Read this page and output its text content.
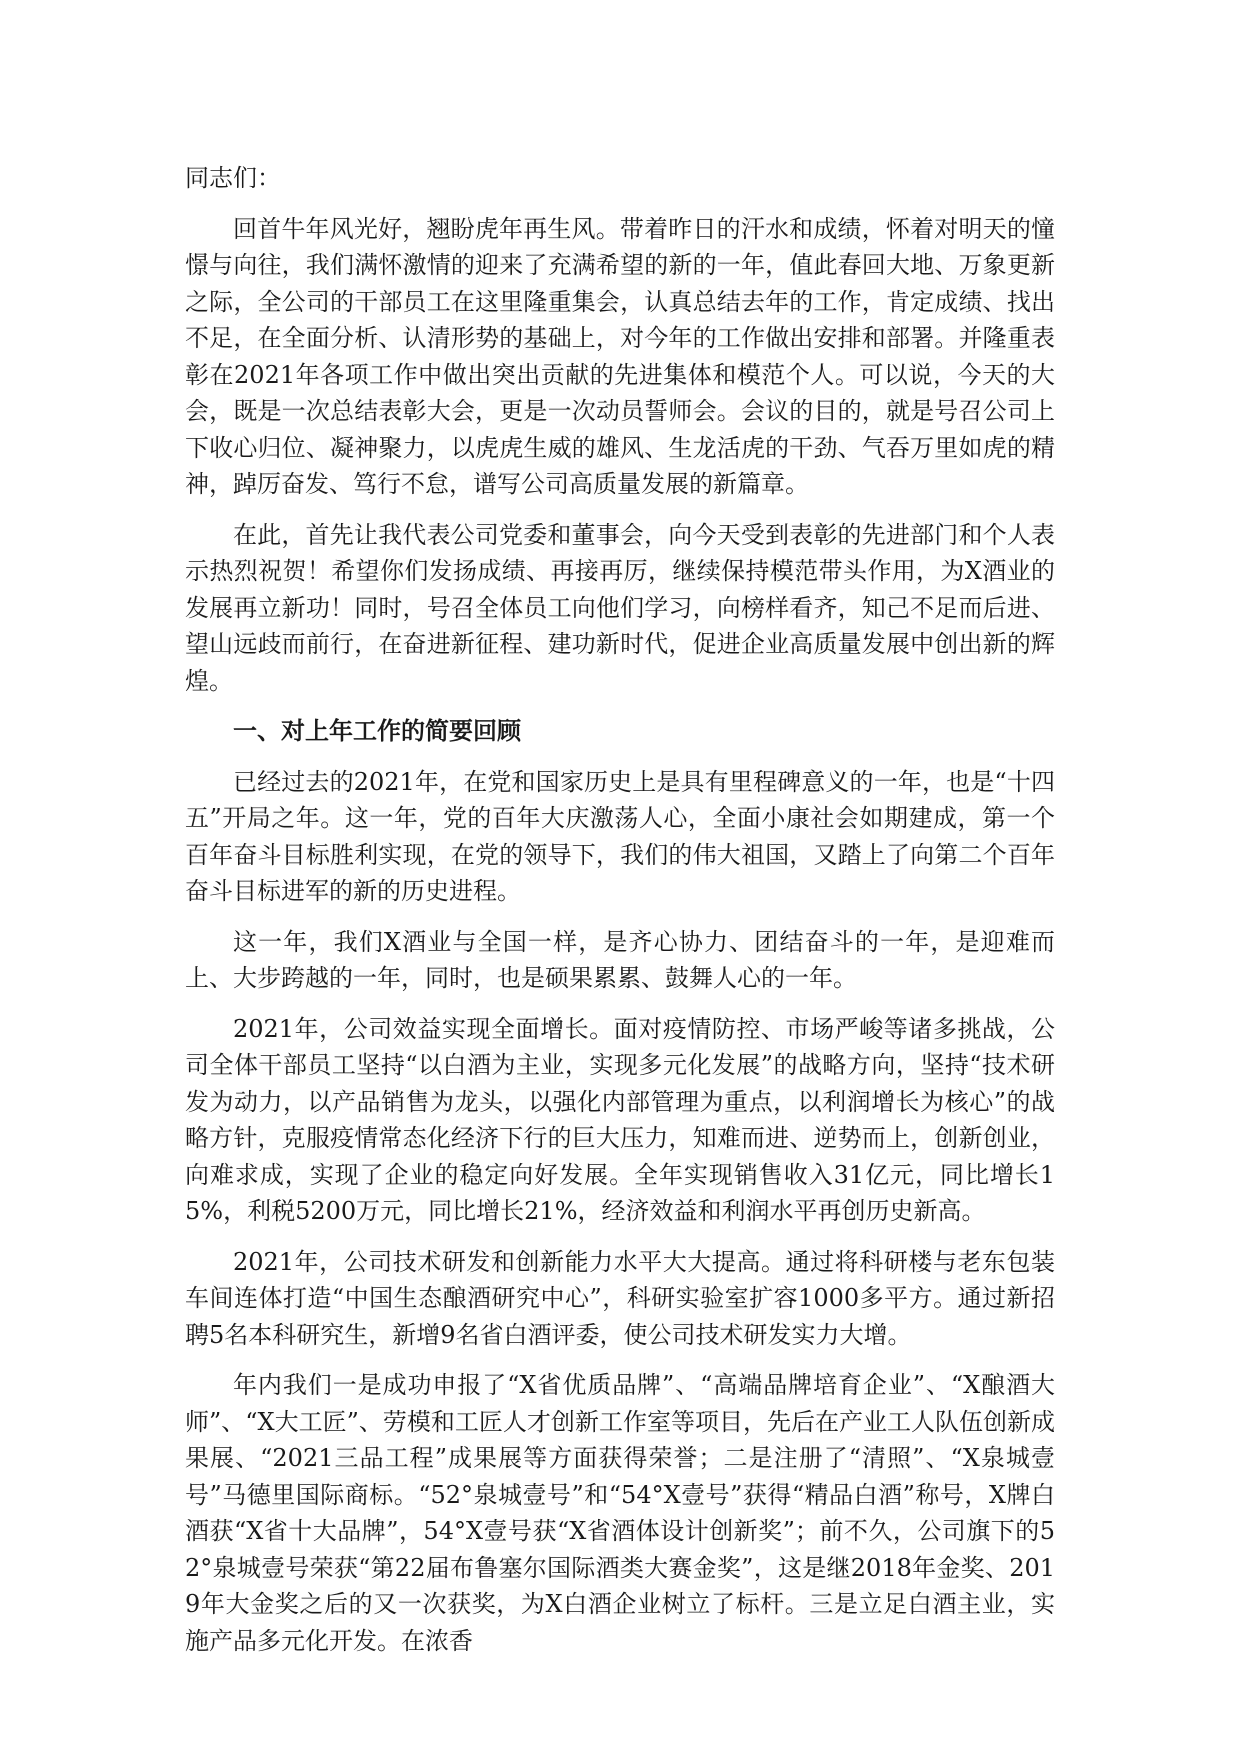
同志们：

回首牛年风光好，翘盼虎年再生风。带着昨日的汗水和成绩，怀着对明天的憧憬与向往，我们满怀激情的迎来了充满希望的新的一年，值此春回大地、万象更新之际，全公司的干部员工在这里隆重集会，认真总结去年的工作，肯定成绩、找出不足，在全面分析、认清形势的基础上，对今年的工作做出安排和部署。并隆重表彰在2021年各项工作中做出突出贡献的先进集体和模范个人。可以说，今天的大会，既是一次总结表彰大会，更是一次动员誓师会。会议的目的，就是号召公司上下收心归位、凝神聚力，以虎虎生威的雄风、生龙活虎的干劲、气吞万里如虎的精神，踔厉奋发、笃行不怠，谱写公司高质量发展的新篇章。

在此，首先让我代表公司党委和董事会，向今天受到表彰的先进部门和个人表示热烈祝贺！希望你们发扬成绩、再接再厉，继续保持模范带头作用，为X酒业的发展再立新功！同时，号召全体员工向他们学习，向榜样看齐，知己不足而后进、望山远歧而前行，在奋进新征程、建功新时代，促进企业高质量发展中创出新的辉煌。

一、对上年工作的简要回顾

已经过去的2021年，在党和国家历史上是具有里程碑意义的一年，也是“十四五”开局之年。这一年，党的百年大庆激荡人心，全面小康社会如期建成，第一个百年奋斗目标胜利实现，在党的领导下，我们的伟大祖国，又踏上了向第二个百年奋斗目标进军的新的历史进程。

这一年，我们X酒业与全国一样，是齐心协力、团结奋斗的一年，是迎难而上、大步跨越的一年，同时，也是硕果累累、鼓舞人心的一年。

2021年，公司效益实现全面增长。面对疫情防控、市场严峻等诸多挑战，公司全体干部员工坚持“以白酒为主业，实现多元化发展”的战略方向，坚持“技术研发为动力，以产品销售为龙头，以强化内部管理为重点，以利润增长为核心”的战略方针，克服疫情常态化经济下行的巨大压力，知难而进、逆势而上，创新创业，向难求成，实现了企业的稳定向好发展。全年实现销售收入31亿元，同比增长15%，利税5200万元，同比增长21%，经济效益和利润水平再创历史新高。

2021年，公司技术研发和创新能力水平大大提高。通过将科研楼与老东包装车间连体打造“中国生态酿酒研究中心”，科研实验室扩容1000多平方。通过新招聘5名本科研究生，新增9名省白酒评委，使公司技术研发实力大增。

年内我们一是成功申报了“X省优质品牌”、“高端品牌培育企业”、“X酿酒大师”、“X大工匠”、劳模和工匠人才创新工作室等项目，先后在产业工人队伍创新成果展、“2021三品工程”成果展等方面获得荣誉；二是注册了“清照”、“X泉城壹号”马德里国际商标。“52°泉城壹号”和“54°X壹号”获得“精品白酒”称号，X牌白酒获“X省十大品牌”，54°X壹号获“X省酒体设计创新奖”；前不久，公司旗下的52°泉城壹号荣获“第22届布鲁塞尔国际酒类大赛金奖”，这是继2018年金奖、2019年大金奖之后的又一次获奖，为X白酒企业树立了标杆。三是立足白酒主业，实施产品多元化开发。在浓香
